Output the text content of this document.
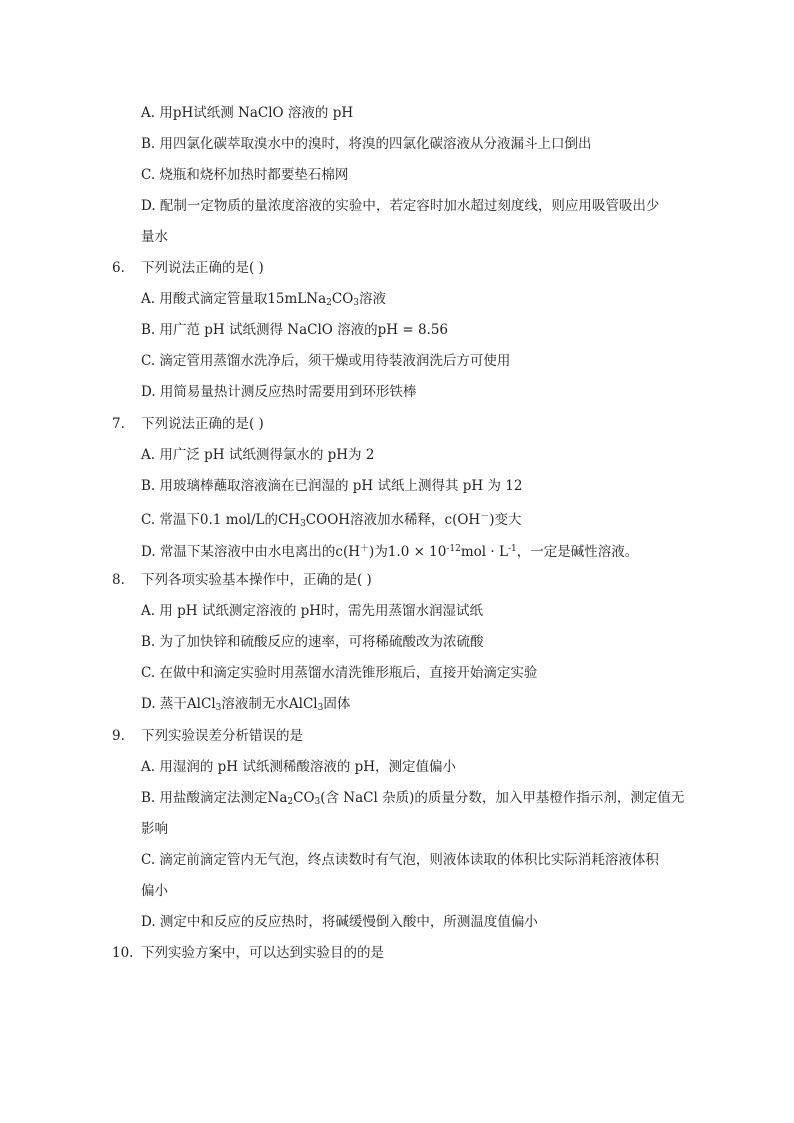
A. 用pH试纸测 NaClO 溶液的 pH
B. 用四氯化碳萃取溴水中的溴时，将溴的四氯化碳溶液从分液漏斗上口倒出
C. 烧瓶和烧杯加热时都要垫石棉网
D. 配制一定物质的量浓度溶液的实验中，若定容时加水超过刻度线，则应用吸管吸出少
量水
6.	下列说法正确的是( )
A. 用酸式滴定管量取$15mLNa_2CO_3$溶液
B. 用广范 pH 试纸测得 NaClO 溶液的pH = 8.56
C. 滴定管用蒸馏水洗净后，须干燥或用待装液润洗后方可使用
D. 用简易量热计测反应热时需要用到环形铁棒
7.	下列说法正确的是( )
A. 用广泛 pH 试纸测得氯水的 pH为 2
B. 用玻璃棒蘸取溶液滴在已润湿的 pH 试纸上测得其 pH 为 12
C. 常温下0.1 mol/L的$CH_3COOH$溶液加水稀释，c(OH－)变大
D. 常温下某溶液中由水电离出的c(H＋)为$1.0 \times 10^{-12}mol \cdot L^{-1}$，一定是碱性溶液。
8.	下列各项实验基本操作中，正确的是( )
A. 用 pH 试纸测定溶液的 pH时，需先用蒸馏水润湿试纸
B. 为了加快锌和硫酸反应的速率，可将稀硫酸改为浓硫酸
C. 在做中和滴定实验时用蒸馏水清洗锥形瓶后，直接开始滴定实验
D. 蒸干AlCl$_3$溶液制无水AlCl$_3$固体
9.	下列实验误差分析错误的是
A. 用湿润的 pH 试纸测稀酸溶液的 pH，测定值偏小
B. 用盐酸滴定法测定$Na_2CO_3$(含 NaCl 杂质)的质量分数，加入甲基橙作指示剂，测定值无
影响
C. 滴定前滴定管内无气泡，终点读数时有气泡，则液体读取的体积比实际消耗溶液体积
偏小
D. 测定中和反应的反应热时，将碱缓慢倒入酸中，所测温度值偏小
10. 下列实验方案中，可以达到实验目的的是
